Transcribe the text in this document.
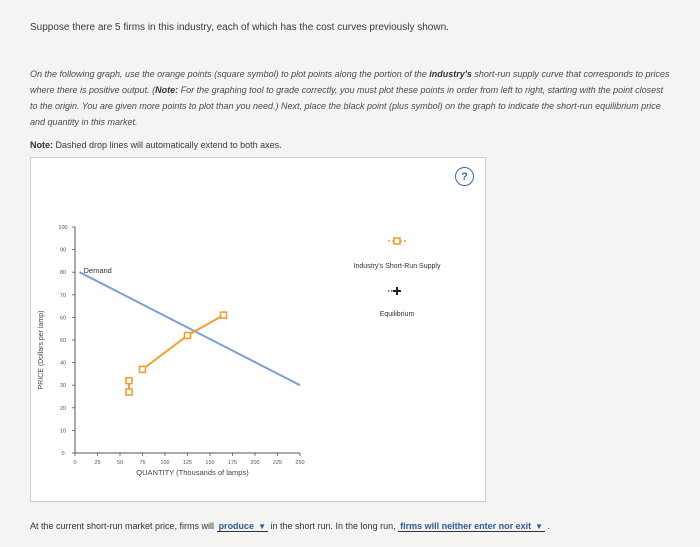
Suppose there are 5 firms in this industry, each of which has the cost curves previously shown.

On the following graph, use the orange points (square symbol) to plot points along the portion of the industry's short-run supply curve that corresponds to prices where there is positive output. (Note: For the graphing tool to grade correctly, you must plot these points in order from left to right, starting with the point closest to the origin. You are given more points to plot than you need.) Next, place the black point (plus symbol) on the graph to indicate the short-run equilibrium price and quantity in this market.

Note: Dashed drop lines will automatically extend to both axes.

?
0	25	50	75	100 125 150 175 200 225 250
0
10
20
30
40
50
60
70
80
90
100
Demand	Industry's Short-Run Supply
Equilibrium
QUANTITY (Thousands of lamps)
PRICE (Dollars per lamp)

At the current short-run market price, firms will produce ▼ in the short run. In the long run, firms will neither enter nor exit ▼ .
